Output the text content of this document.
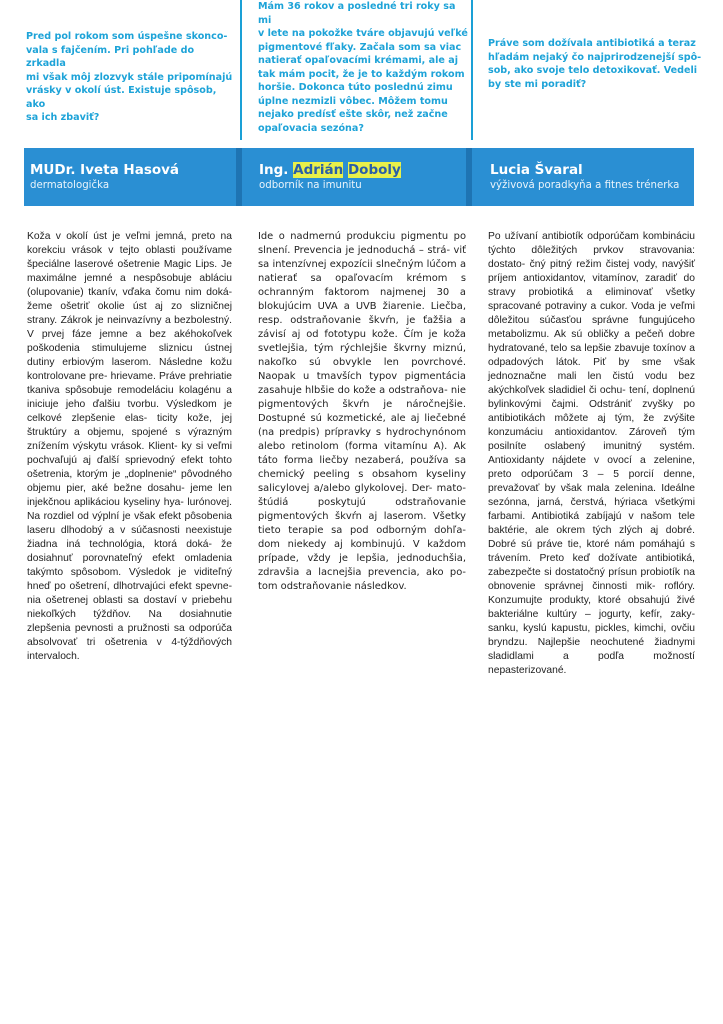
Pred pol rokom som úspešne skonco-
vala s fajčením. Pri pohľade do zrkadla
mi však môj zlozvyk stále pripomínajú
vrásky v okolí úst. Existuje spôsob, ako
sa ich zbaviť?
Mám 36 rokov a posledné tri roky sa mi
v lete na pokožke tváre objavujú veľké
pigmentové fľaky. Začala som sa viac
natierať opaľovacími krémami, ale aj
tak mám pocit, že je to každým rokom
horšie. Dokonca túto poslednú zimu
úplne nezmizli vôbec. Môžem tomu
nejako predísť ešte skôr, než začne
opaľovacia sezóna?
Práve som dožívala antibiotiká a teraz
hľadám nejaký čo najprirodzenejší spô-
sob, ako svoje telo detoxikovať. Vedeli
by ste mi poradiť?
MUDr. Iveta Hasová
dermatologička
Ing. Adrián Doboly
odborník na imunitu
Lucia Švaral
výživová poradkyňa a fitnes trénerka

Koža v okolí úst je veľmi jemná, preto na korekciu vrások v tejto oblasti používame špeciálne laserové ošetrenie Magic Lips. Je maximálne jemné a nespôsobuje abláciu (olupovanie) tkanív, vďaka čomu nim doká- žeme ošetriť okolie úst aj zo slizničnej strany. Zákrok je neinvazívny a bezbolestný. V prvej fáze jemne a bez akéhokoľvek poškodenia stimulujeme sliznicu ústnej dutiny erbiovým laserom. Následne kožu kontrolovane pre- hrievame. Práve prehriatie tkaniva spôsobuje remodeláciu kolagénu a iniciuje jeho ďalšiu tvorbu. Výsledkom je celkové zlepšenie elas- ticity kože, jej štruktúry a objemu, spojené s výrazným znížením výskytu vrások. Klient- ky si veľmi pochvaľujú aj ďalší sprievodný efekt tohto ošetrenia, ktorým je „doplnenie“ pôvodného objemu pier, aké bežne dosahu- jeme len injekčnou aplikáciou kyseliny hya- lurónovej. Na rozdiel od výplní je však efekt pôsobenia laseru dlhodobý a v súčasnosti neexistuje žiadna iná technológia, ktorá doká- že dosiahnuť porovnateľný efekt omladenia takýmto spôsobom. Výsledok je viditeľný hneď po ošetrení, dlhotrvajúci efekt spevne- nia ošetrenej oblasti sa dostaví v priebehu niekoľkých týždňov. Na dosiahnutie zlepšenia pevnosti a pružnosti sa odporúča absolvovať tri ošetrenia v 4-týždňových intervaloch.

Ide o nadmernú produkciu pigmentu po slnení. Prevencia je jednoduchá – strá- viť sa intenzívnej expozícii slnečným lúčom a natierať sa opaľovacím krémom s ochranným faktorom najmenej 30 a blokujúcim UVA a UVB žiarenie. Liečba, resp. odstraňovanie škvŕn, je ťažšia a závisí aj od fototypu kože. Čím je koža svetlejšia, tým rýchlejšie škvrny miznú, nakoľko sú obvykle len povrchové. Naopak u tmavších typov pigmentácia zasahuje hlbšie do kože a odstraňova- nie pigmentových škvŕn je náročnejšie. Dostupné sú kozmetické, ale aj liečebné (na predpis) prípravky s hydrochynónom alebo retinolom (forma vitamínu A). Ak táto forma liečby nezaberá, používa sa chemický peeling s obsahom kyseliny salicylovej a/alebo glykolovej. Der- mato-štúdiá poskytujú odstraňovanie pigmentových škvŕn aj laserom. Všetky tieto terapie sa pod odborným dohľa- dom niekedy aj kombinujú. V každom prípade, vždy je lepšia, jednoduchšia, zdravšia a lacnejšia prevencia, ako po- tom odstraňovanie následkov.

Po užívaní antibiotík odporúčam kombináciu týchto dôležitých prvkov stravovania: dostato- čný pitný režim čistej vody, navýšiť príjem antioxidantov, vitamínov, zaradiť do stravy probiotiká a eliminovať všetky spracované potraviny a cukor. Voda je veľmi dôležitou súčasťou správne fungujúceho metabolizmu. Ak sú obličky a pečeň dobre hydratované, telo sa lepšie zbavuje toxínov a odpadových látok. Piť by sme však jednoznačne mali len čistú vodu bez akýchkoľvek sladidiel či ochu- tení, doplnenú bylinkovými čajmi. Odstrániť zvyšky po antibiotikách môžete aj tým, že zvýšite konzumáciu antioxidantov. Zároveň tým posilníte oslabený imunitný systém. Antioxidanty nájdete v ovocí a zelenine, preto odporúčam 3 – 5 porcií denne, prevažovať by však mala zelenina. Ideálne sezónna, jarná, čerstvá, hýriaca všetkými farbami. Antibiotiká zabíjajú v našom tele baktérie, ale okrem tých zlých aj dobré. Dobré sú práve tie, ktoré nám pomáhajú s trávením. Preto keď dožívate antibiotiká, zabezpečte si dostatočný prísun probiotík na obnovenie správnej činnosti mik- roflóry. Konzumujte produkty, ktoré obsahujú živé bakteriálne kultúry – jogurty, kefír, zaky- sanku, kyslú kapustu, pickles, kimchi, ovčiu bryndzu. Najlepšie neochutené žiadnymi sladidlami a podľa možností nepasterizované.
